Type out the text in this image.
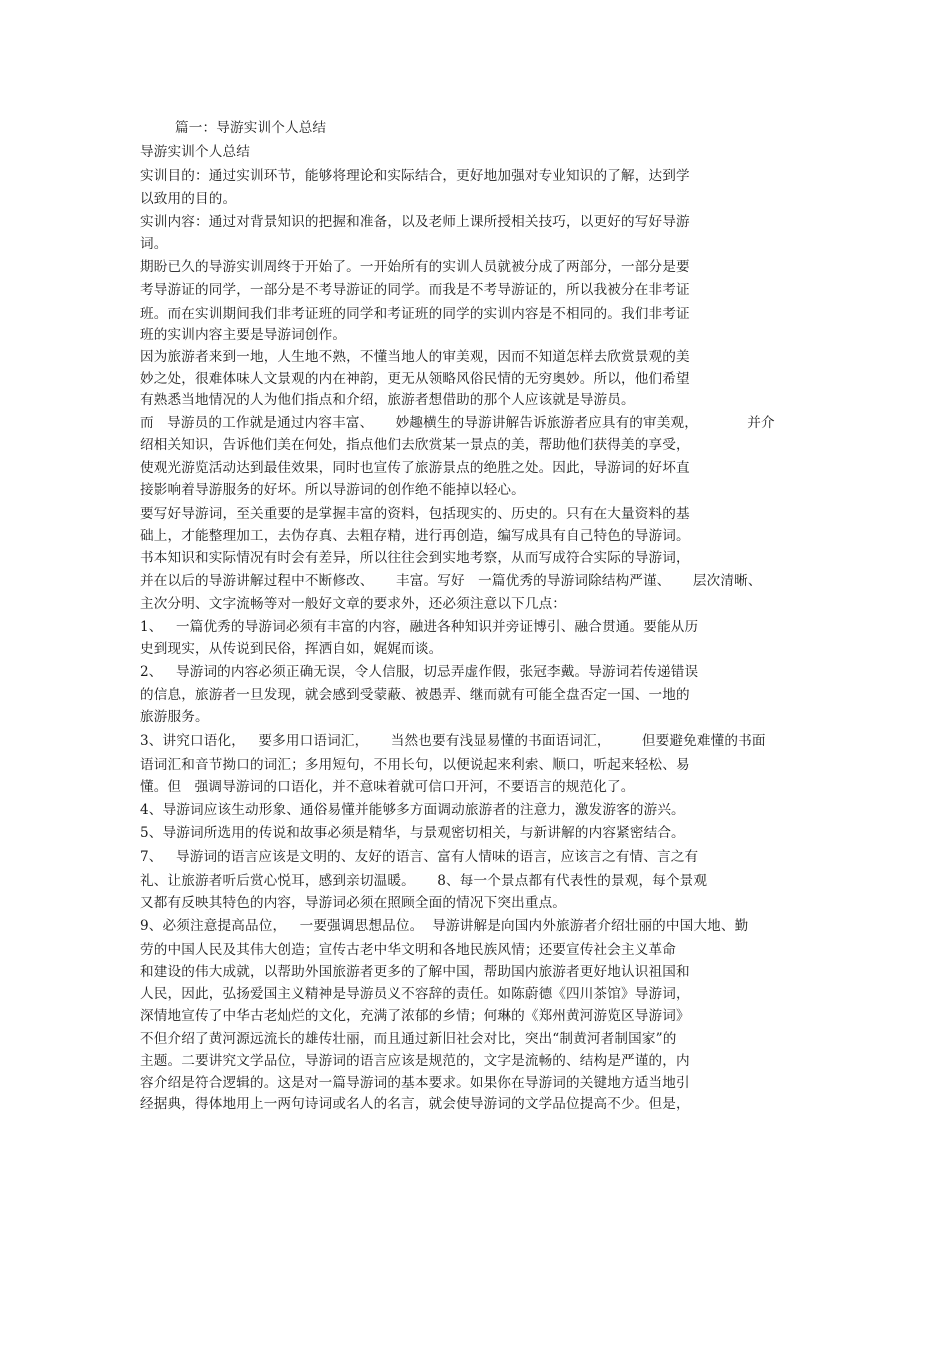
篇一：导游实训个人总结
导游实训个人总结
实训目的：通过实训环节，能够将理论和实际结合，更好地加强对专业知识的了解，达到学
以致用的目的。
实训内容：通过对背景知识的把握和准备，以及老师上课所授相关技巧，以更好的写好导游
词。
期盼已久的导游实训周终于开始了。一开始所有的实训人员就被分成了两部分，一部分是要
考导游证的同学，一部分是不考导游证的同学。而我是不考导游证的，所以我被分在非考证
班。而在实训期间我们非考证班的同学和考证班的同学的实训内容是不相同的。我们非考证
班的实训内容主要是导游词创作。
因为旅游者来到一地，人生地不熟，不懂当地人的审美观，因而不知道怎样去欣赏景观的美
妙之处，很难体味人文景观的内在神韵，更无从领略风俗民情的无穷奥妙。所以，他们希望
有熟悉当地情况的人为他们指点和介绍，旅游者想借助的那个人应该就是导游员。
而   导游员的工作就是通过内容丰富、     妙趣横生的导游讲解告诉旅游者应具有的审美观，           并介
绍相关知识，告诉他们美在何处，指点他们去欣赏某一景点的美，帮助他们获得美的享受，
使观光游览活动达到最佳效果，同时也宣传了旅游景点的绝胜之处。因此，导游词的好坏直
接影响着导游服务的好坏。所以导游词的创作绝不能掉以轻心。
要写好导游词，至关重要的是掌握丰富的资料，包括现实的、历史的。只有在大量资料的基
础上，才能整理加工，去伪存真、去粗存精，进行再创造，编写成具有自己特色的导游词。
书本知识和实际情况有时会有差异，所以往往会到实地考察，从而写成符合实际的导游词，
并在以后的导游讲解过程中不断修改、     丰富。写好   一篇优秀的导游词除结构严谨、     层次清晰、
主次分明、文字流畅等对一般好文章的要求外，还必须注意以下几点：
1、   一篇优秀的导游词必须有丰富的内容，融进各种知识并旁证博引、融合贯通。要能从历
史到现实，从传说到民俗，挥洒自如，娓娓而谈。
2、   导游词的内容必须正确无误，令人信服，切忌弄虚作假，张冠李戴。导游词若传递错误
的信息，旅游者一旦发现，就会感到受蒙蔽、被愚弄、继而就有可能全盘否定一国、一地的
旅游服务。
3、讲究口语化，   要多用口语词汇，     当然也要有浅显易懂的书面语词汇，       但要避免难懂的书面
语词汇和音节拗口的词汇；多用短句，不用长句，以便说起来利索、顺口，听起来轻松、易
懂。但   强调导游词的口语化，并不意味着就可信口开河，不要语言的规范化了。
4、导游词应该生动形象、通俗易懂并能够多方面调动旅游者的注意力，激发游客的游兴。
5、导游词所选用的传说和故事必须是精华，与景观密切相关，与新讲解的内容紧密结合。
7、   导游词的语言应该是文明的、友好的语言、富有人情味的语言，应该言之有情、言之有
礼、让旅游者听后赏心悦耳，感到亲切温暖。     8、每一个景点都有代表性的景观，每个景观
又都有反映其特色的内容，导游词必须在照顾全面的情况下突出重点。
9、必须注意提高品位，   一要强调思想品位。  导游讲解是向国内外旅游者介绍壮丽的中国大地、勤
劳的中国人民及其伟大创造；宣传古老中华文明和各地民族风情；还要宣传社会主义革命
和建设的伟大成就，以帮助外国旅游者更多的了解中国，帮助国内旅游者更好地认识祖国和
人民，因此，弘扬爱国主义精神是导游员义不容辞的责任。如陈蔚德《四川茶馆》导游词，
深情地宣传了中华古老灿烂的文化，充满了浓郁的乡情；何琳的《郑州黄河游览区导游词》
不但介绍了黄河源远流长的雄传壮丽，而且通过新旧社会对比，突出“制黄河者制国家”的
主题。二要讲究文学品位，导游词的语言应该是规范的，文字是流畅的、结构是严谨的，内
容介绍是符合逻辑的。这是对一篇导游词的基本要求。如果你在导游词的关键地方适当地引
经据典，得体地用上一两句诗词或名人的名言，就会使导游词的文学品位提高不少。但是，
